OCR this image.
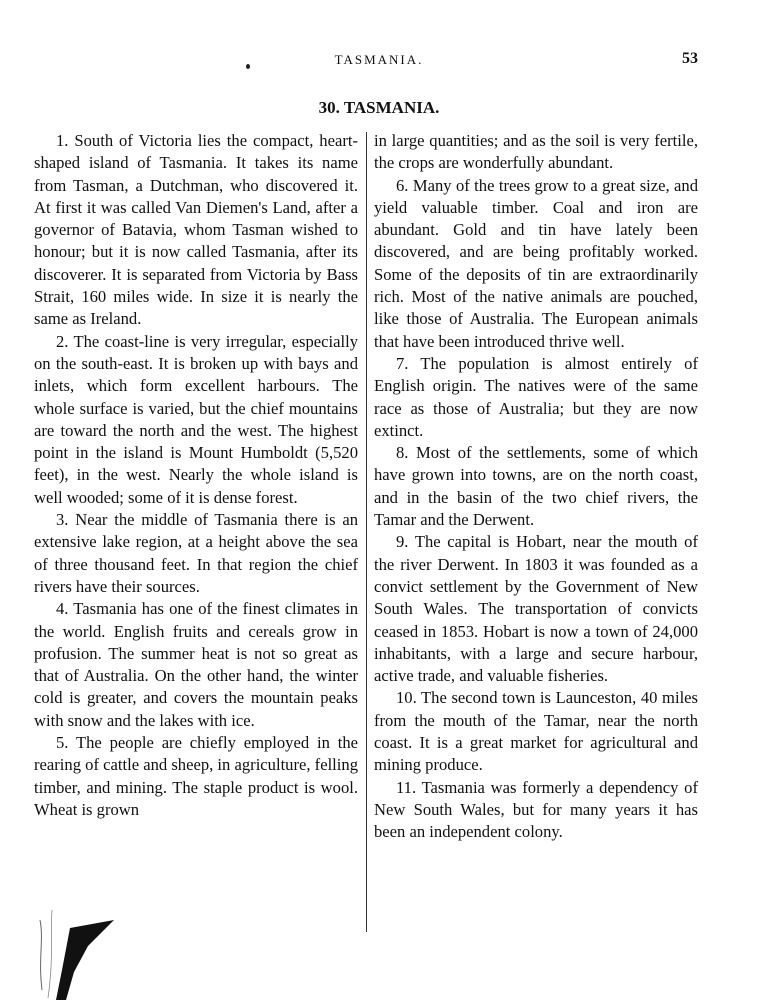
TASMANIA.	53
30. TASMANIA.

1. South of Victoria lies the compact, heart-shaped island of Tasmania. It takes its name from Tasman, a Dutchman, who discovered it. At first it was called Van Diemen's Land, after a governor of Batavia, whom Tasman wished to honour; but it is now called Tasmania, after its discoverer. It is separated from Victoria by Bass Strait, 160 miles wide. In size it is nearly the same as Ireland.

2. The coast-line is very irregular, especially on the south-east. It is broken up with bays and inlets, which form excellent harbours. The whole surface is varied, but the chief mountains are toward the north and the west. The highest point in the island is Mount Humboldt (5,520 feet), in the west. Nearly the whole island is well wooded; some of it is dense forest.

3. Near the middle of Tasmania there is an extensive lake region, at a height above the sea of three thousand feet. In that region the chief rivers have their sources.

4. Tasmania has one of the finest climates in the world. English fruits and cereals grow in profusion. The summer heat is not so great as that of Australia. On the other hand, the winter cold is greater, and covers the mountain peaks with snow and the lakes with ice.

5. The people are chiefly employed in the rearing of cattle and sheep, in agriculture, felling timber, and mining. The staple product is wool. Wheat is grown

in large quantities; and as the soil is very fertile, the crops are wonderfully abundant.

6. Many of the trees grow to a great size, and yield valuable timber. Coal and iron are abundant. Gold and tin have lately been discovered, and are being profitably worked. Some of the deposits of tin are extraordinarily rich. Most of the native animals are pouched, like those of Australia. The European animals that have been introduced thrive well.

7. The population is almost entirely of English origin. The natives were of the same race as those of Australia; but they are now extinct.

8. Most of the settlements, some of which have grown into towns, are on the north coast, and in the basin of the two chief rivers, the Tamar and the Derwent.

9. The capital is Hobart, near the mouth of the river Derwent. In 1803 it was founded as a convict settlement by the Government of New South Wales. The transportation of convicts ceased in 1853. Hobart is now a town of 24,000 inhabitants, with a large and secure harbour, active trade, and valuable fisheries.

10. The second town is Launceston, 40 miles from the mouth of the Tamar, near the north coast. It is a great market for agricultural and mining produce.

11. Tasmania was formerly a dependency of New South Wales, but for many years it has been an independent colony.
